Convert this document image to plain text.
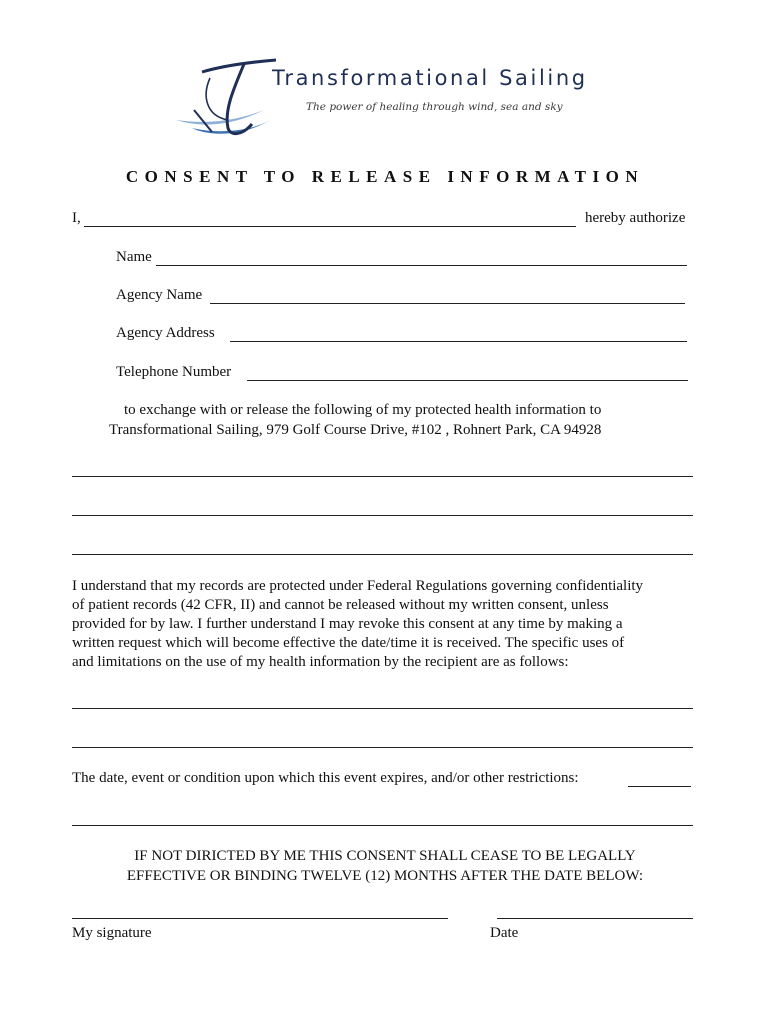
Transformational Sailing
The power of healing through wind, sea and sky
CONSENT TO RELEASE INFORMATION
I,	hereby authorize
Name
Agency Name
Agency Address
Telephone Number
to exchange with or release the following of my protected health information to
Transformational Sailing, 979 Golf Course Drive, #102 , Rohnert Park, CA 94928
I understand that my records are protected under Federal Regulations governing confidentiality
of patient records (42 CFR, II) and cannot be released without my written consent, unless
provided for by law. I further understand I may revoke this consent at any time by making a
written request which will become effective the date/time it is received. The specific uses of
and limitations on the use of my health information by the recipient are as follows:
The date, event or condition upon which this event expires, and/or other restrictions:
IF NOT DIRICTED BY ME THIS CONSENT SHALL CEASE TO BE LEGALLY
EFFECTIVE OR BINDING TWELVE (12) MONTHS AFTER THE DATE BELOW:
My signature	Date
